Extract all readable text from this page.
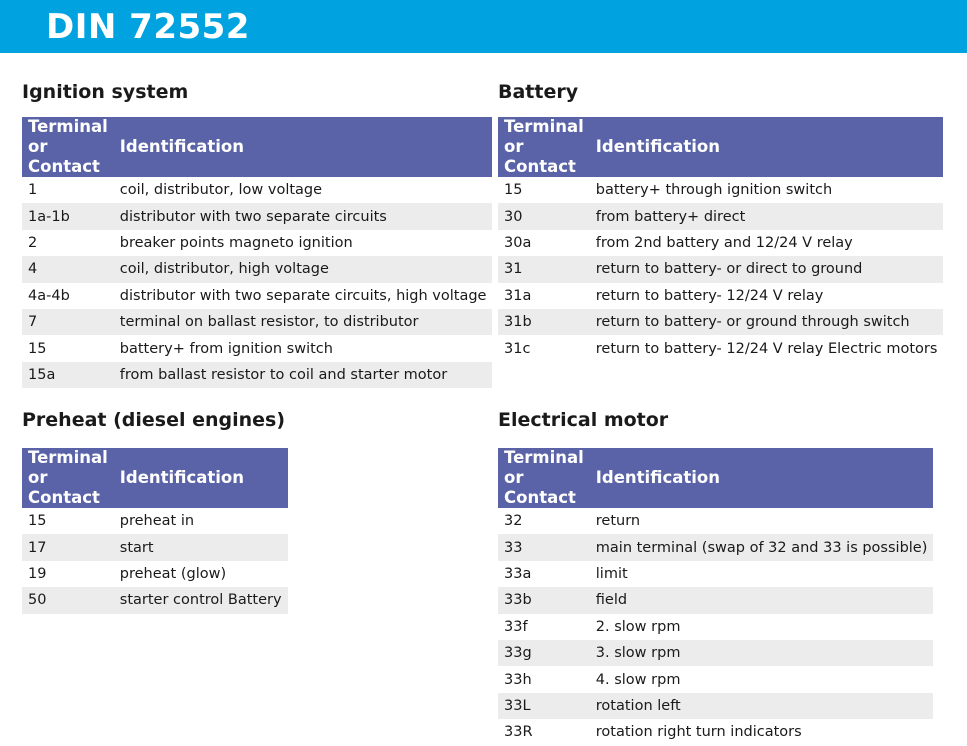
DIN 72552
Ignition system
Terminal or Contact	Identification
1	coil, distributor, low voltage
1a-1b	distributor with two separate circuits
2	breaker points magneto ignition
4	coil, distributor, high voltage
4a-4b	distributor with two separate circuits, high voltage
7	terminal on ballast resistor, to distributor
15	battery+ from ignition switch
15a	from ballast resistor to coil and starter motor
Battery
Terminal or Contact	Identification
15	battery+ through ignition switch
30	from battery+ direct
30a	from 2nd battery and 12/24 V relay
31	return to battery- or direct to ground
31a	return to battery- 12/24 V relay
31b	return to battery- or ground through switch
31c	return to battery- 12/24 V relay Electric motors
Preheat (diesel engines)
Terminal or Contact	Identification
15	preheat in
17	start
19	preheat (glow)
50	starter control Battery
Electrical motor
Terminal or Contact	Identification
32	return
33	main terminal (swap of 32 and 33 is possible)
33a	limit
33b	field
33f	2. slow rpm
33g	3. slow rpm
33h	4. slow rpm
33L	rotation left
33R	rotation right turn indicators
